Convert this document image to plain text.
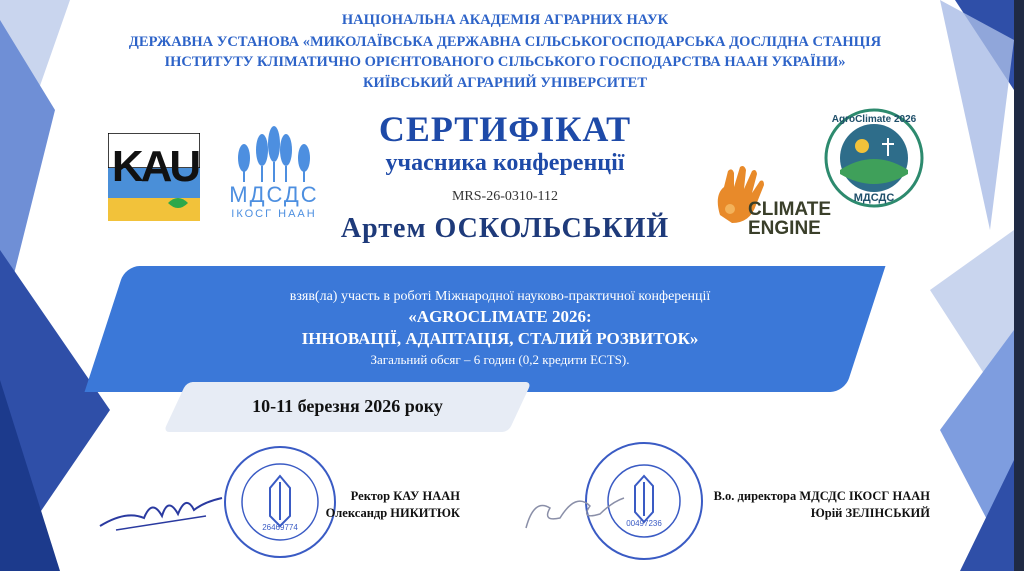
НАЦІОНАЛЬНА АКАДЕМІЯ АГРАРНИХ НАУК
ДЕРЖАВНА УСТАНОВА «МИКОЛАЇВСЬКА ДЕРЖАВНА СІЛЬСЬКОГОСПОДАРСЬКА ДОСЛІДНА СТАНЦІЯ
ІНСТИТУТУ КЛІМАТИЧНО ОРІЄНТОВАНОГО СІЛЬСЬКОГО ГОСПОДАРСТВА НААН УКРАЇНИ»
КИЇВСЬКИЙ АГРАРНИЙ УНІВЕРСИТЕТ
KAU
МДСДС
ІКОСГ НААН
СЕРТИФІКАТ
учасника конференції
MRS-26-0310-112
Артем ОСКОЛЬСЬКИЙ
AgroClimate 2026
МДСДС
CLIMATE
ENGINE
взяв(ла) участь в роботі Міжнародної науково-практичної конференції
«AGROCLIMATE 2026:
ІННОВАЦІЇ, АДАПТАЦІЯ, СТАЛИЙ РОЗВИТОК»
Загальний обсяг – 6 годин (0,2 кредити ECTS).
10-11 березня 2026 року
26469774
Ректор КАУ НААН
Олександр НИКИТЮК
00497236
В.о. директора МДСДС ІКОСГ НААН
Юрій ЗЕЛІНСЬКИЙ
